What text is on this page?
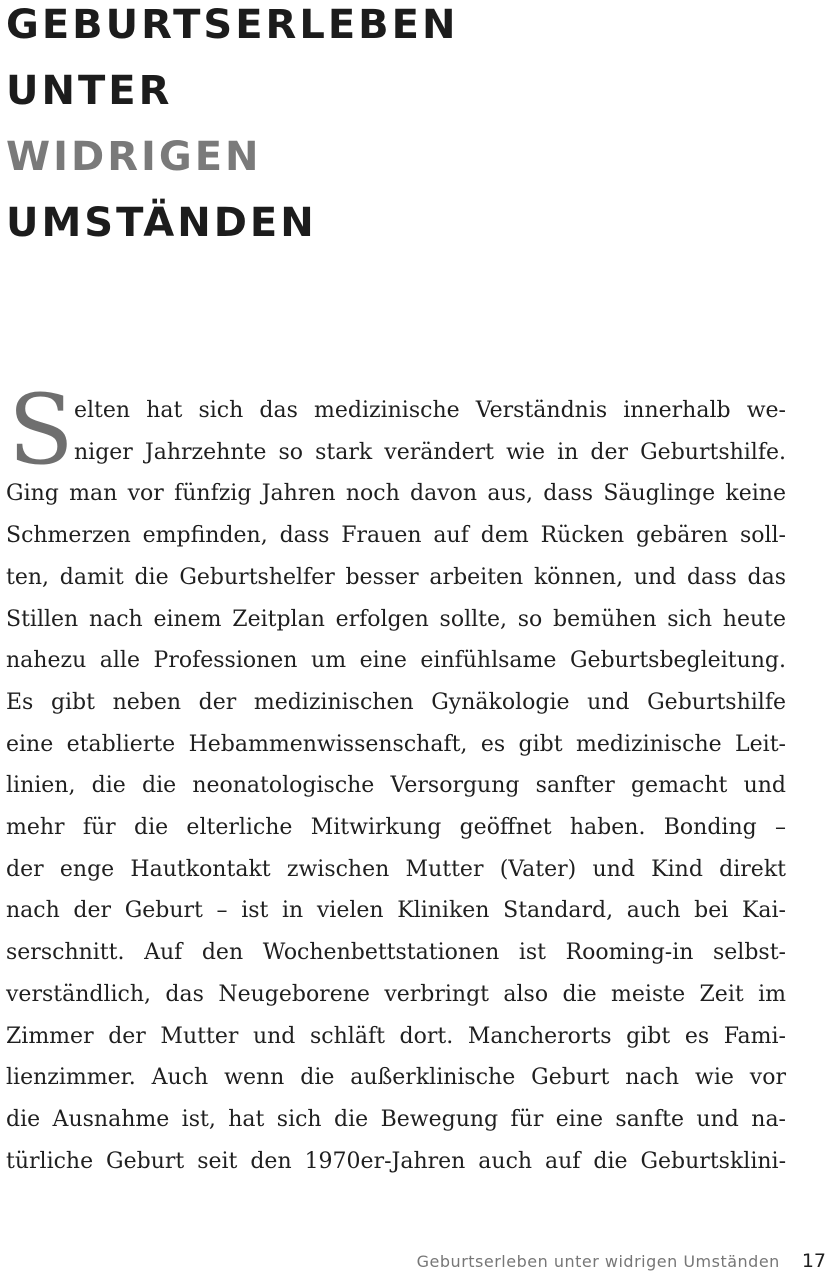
GEBURTSERLEBEN
UNTER
WIDRIGEN
UMSTÄNDEN
S elten hat sich das medizinische Verständnis innerhalb we-
niger Jahrzehnte so stark verändert wie in der Geburtshilfe.
Ging man vor fünfzig Jahren noch davon aus, dass Säuglinge keine
Schmerzen empfinden, dass Frauen auf dem Rücken gebären soll-
ten, damit die Geburtshelfer besser arbeiten können, und dass das
Stillen nach einem Zeitplan erfolgen sollte, so bemühen sich heute
nahezu alle Professionen um eine einfühlsame Geburtsbegleitung.
Es gibt neben der medizinischen Gynäkologie und Geburtshilfe
eine etablierte Hebammenwissenschaft, es gibt medizinische Leit-
linien, die die neonatologische Versorgung sanfter gemacht und
mehr für die elterliche Mitwirkung geöffnet haben. Bonding –
der enge Hautkontakt zwischen Mutter (Vater) und Kind direkt
nach der Geburt – ist in vielen Kliniken Standard, auch bei Kai-
serschnitt. Auf den Wochenbettstationen ist Rooming-in selbst-
verständlich, das Neugeborene verbringt also die meiste Zeit im
Zimmer der Mutter und schläft dort. Mancherorts gibt es Fami-
lienzimmer. Auch wenn die außerklinische Geburt nach wie vor
die Ausnahme ist, hat sich die Bewegung für eine sanfte und na-
türliche Geburt seit den 1970er-Jahren auch auf die Geburtsklini-
Geburtserleben unter widrigen Umständen 17
